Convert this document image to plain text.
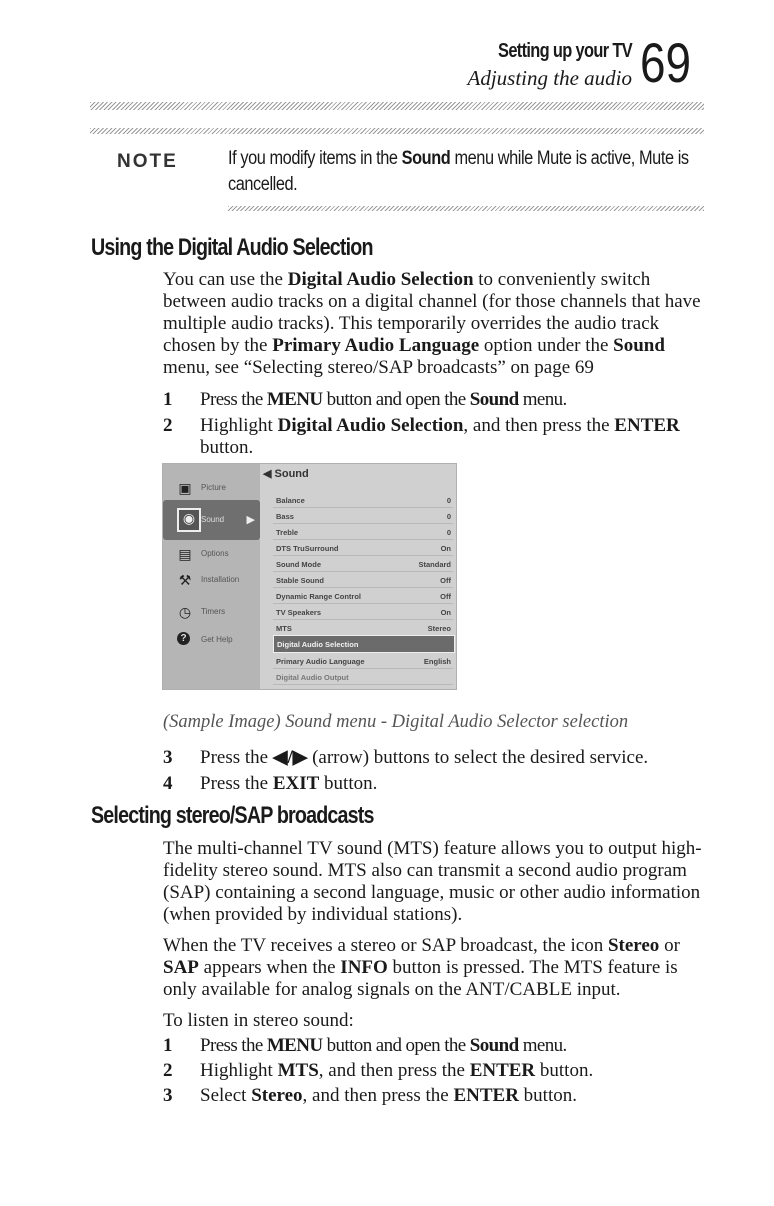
Setting up your TV
Adjusting the audio 69
NOTE	If you modify items in the Sound menu while Mute is active, Mute is cancelled.
Using the Digital Audio Selection
You can use the Digital Audio Selection to conveniently switch between audio tracks on a digital channel (for those channels that have multiple audio tracks). This temporarily overrides the audio track chosen by the Primary Audio Language option under the Sound menu, see “Selecting stereo/SAP broadcasts” on page 69
1 Press the MENU button and open the Sound menu.
2 Highlight Digital Audio Selection, and then press the ENTER
button.
▣ Picture
◉ Sound ▶
▤ Options
⚒ Installation
◷ Timers
?	Get Help
◀ Sound
Balance	0
Bass	0
Treble	0
DTS TruSurround	On
Sound Mode	Standard
Stable Sound	Off
Dynamic Range Control	Off
TV Speakers	On
MTS	Stereo
Digital Audio Selection
Primary Audio Language	English
Digital Audio Output
(Sample Image) Sound menu - Digital Audio Selector selection
3 Press the ◀/▶ (arrow) buttons to select the desired service.
4 Press the EXIT button.
Selecting stereo/SAP broadcasts
The multi-channel TV sound (MTS) feature allows you to output high-fidelity stereo sound. MTS also can transmit a second audio program (SAP) containing a second language, music or other audio information (when provided by individual stations).
When the TV receives a stereo or SAP broadcast, the icon Stereo or SAP appears when the INFO button is pressed. The MTS feature is only available for analog signals on the ANT/CABLE input.
To listen in stereo sound:
1 Press the MENU button and open the Sound menu.
2 Highlight MTS, and then press the ENTER button.
3 Select Stereo, and then press the ENTER button.
